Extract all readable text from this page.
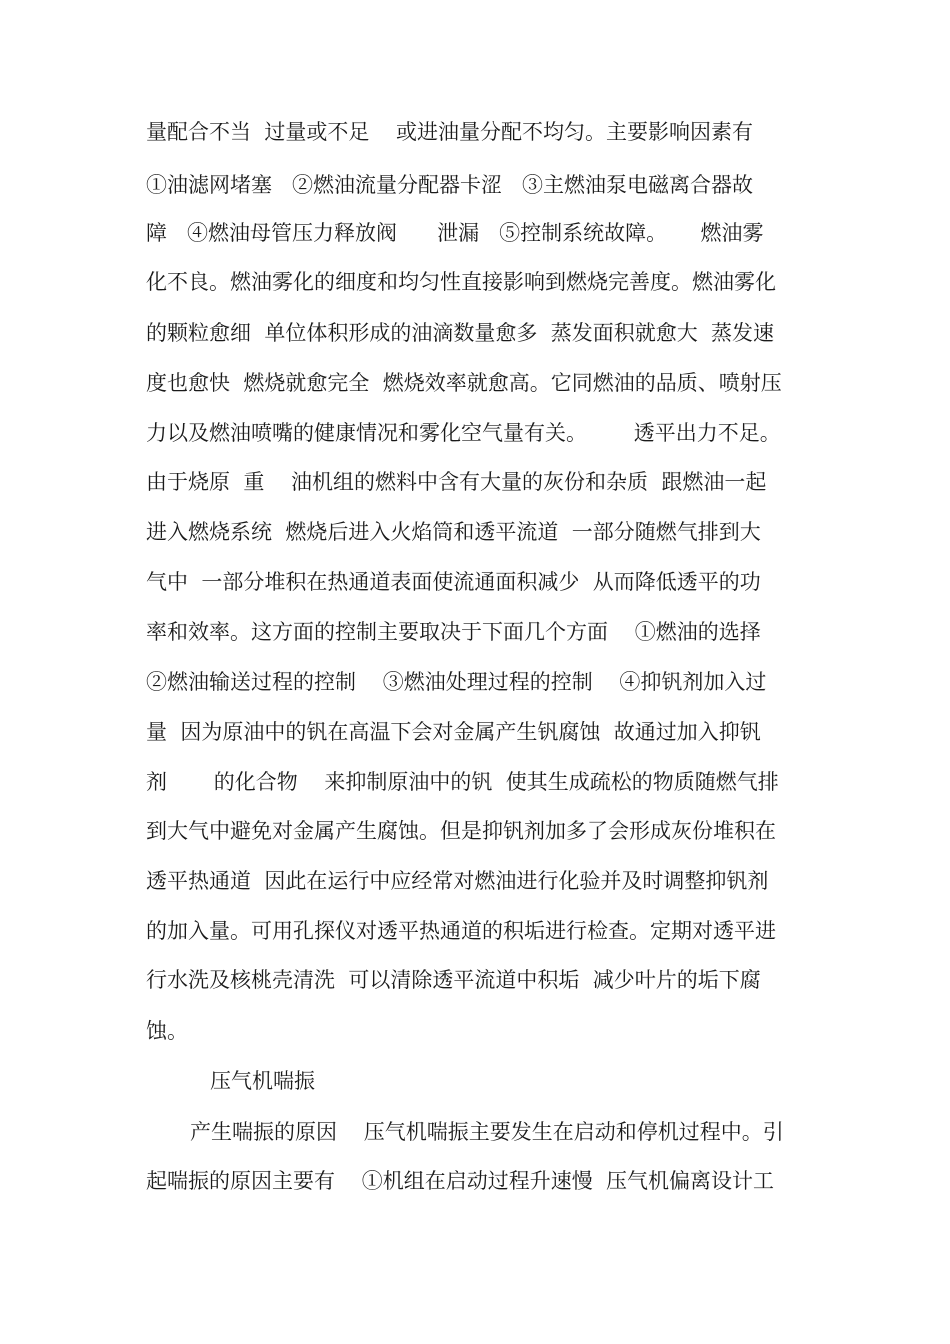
量配合不当  过量或不足    或进油量分配不均匀。主要影响因素有
①油滤网堵塞   ②燃油流量分配器卡涩   ③主燃油泵电磁离合器故
障   ④燃油母管压力释放阀      泄漏   ⑤控制系统故障。     燃油雾
化不良。燃油雾化的细度和均匀性直接影响到燃烧完善度。燃油雾化
的颗粒愈细  单位体积形成的油滴数量愈多  蒸发面积就愈大  蒸发速
度也愈快  燃烧就愈完全  燃烧效率就愈高。它同燃油的品质、喷射压
力以及燃油喷嘴的健康情况和雾化空气量有关。       透平出力不足。
由于烧原  重    油机组的燃料中含有大量的灰份和杂质  跟燃油一起
进入燃烧系统  燃烧后进入火焰筒和透平流道  一部分随燃气排到大
气中  一部分堆积在热通道表面使流通面积减少  从而降低透平的功
率和效率。这方面的控制主要取决于下面几个方面    ①燃油的选择
②燃油输送过程的控制    ③燃油处理过程的控制    ④抑钒剂加入过
量  因为原油中的钒在高温下会对金属产生钒腐蚀  故通过加入抑钒
剂       的化合物    来抑制原油中的钒  使其生成疏松的物质随燃气排
到大气中避免对金属产生腐蚀。但是抑钒剂加多了会形成灰份堆积在
透平热通道  因此在运行中应经常对燃油进行化验并及时调整抑钒剂
的加入量。可用孔探仪对透平热通道的积垢进行检查。定期对透平进
行水洗及核桃壳清洗  可以清除透平流道中积垢  减少叶片的垢下腐
蚀。
压气机喘振
产生喘振的原因    压气机喘振主要发生在启动和停机过程中。引
起喘振的原因主要有    ①机组在启动过程升速慢  压气机偏离设计工
